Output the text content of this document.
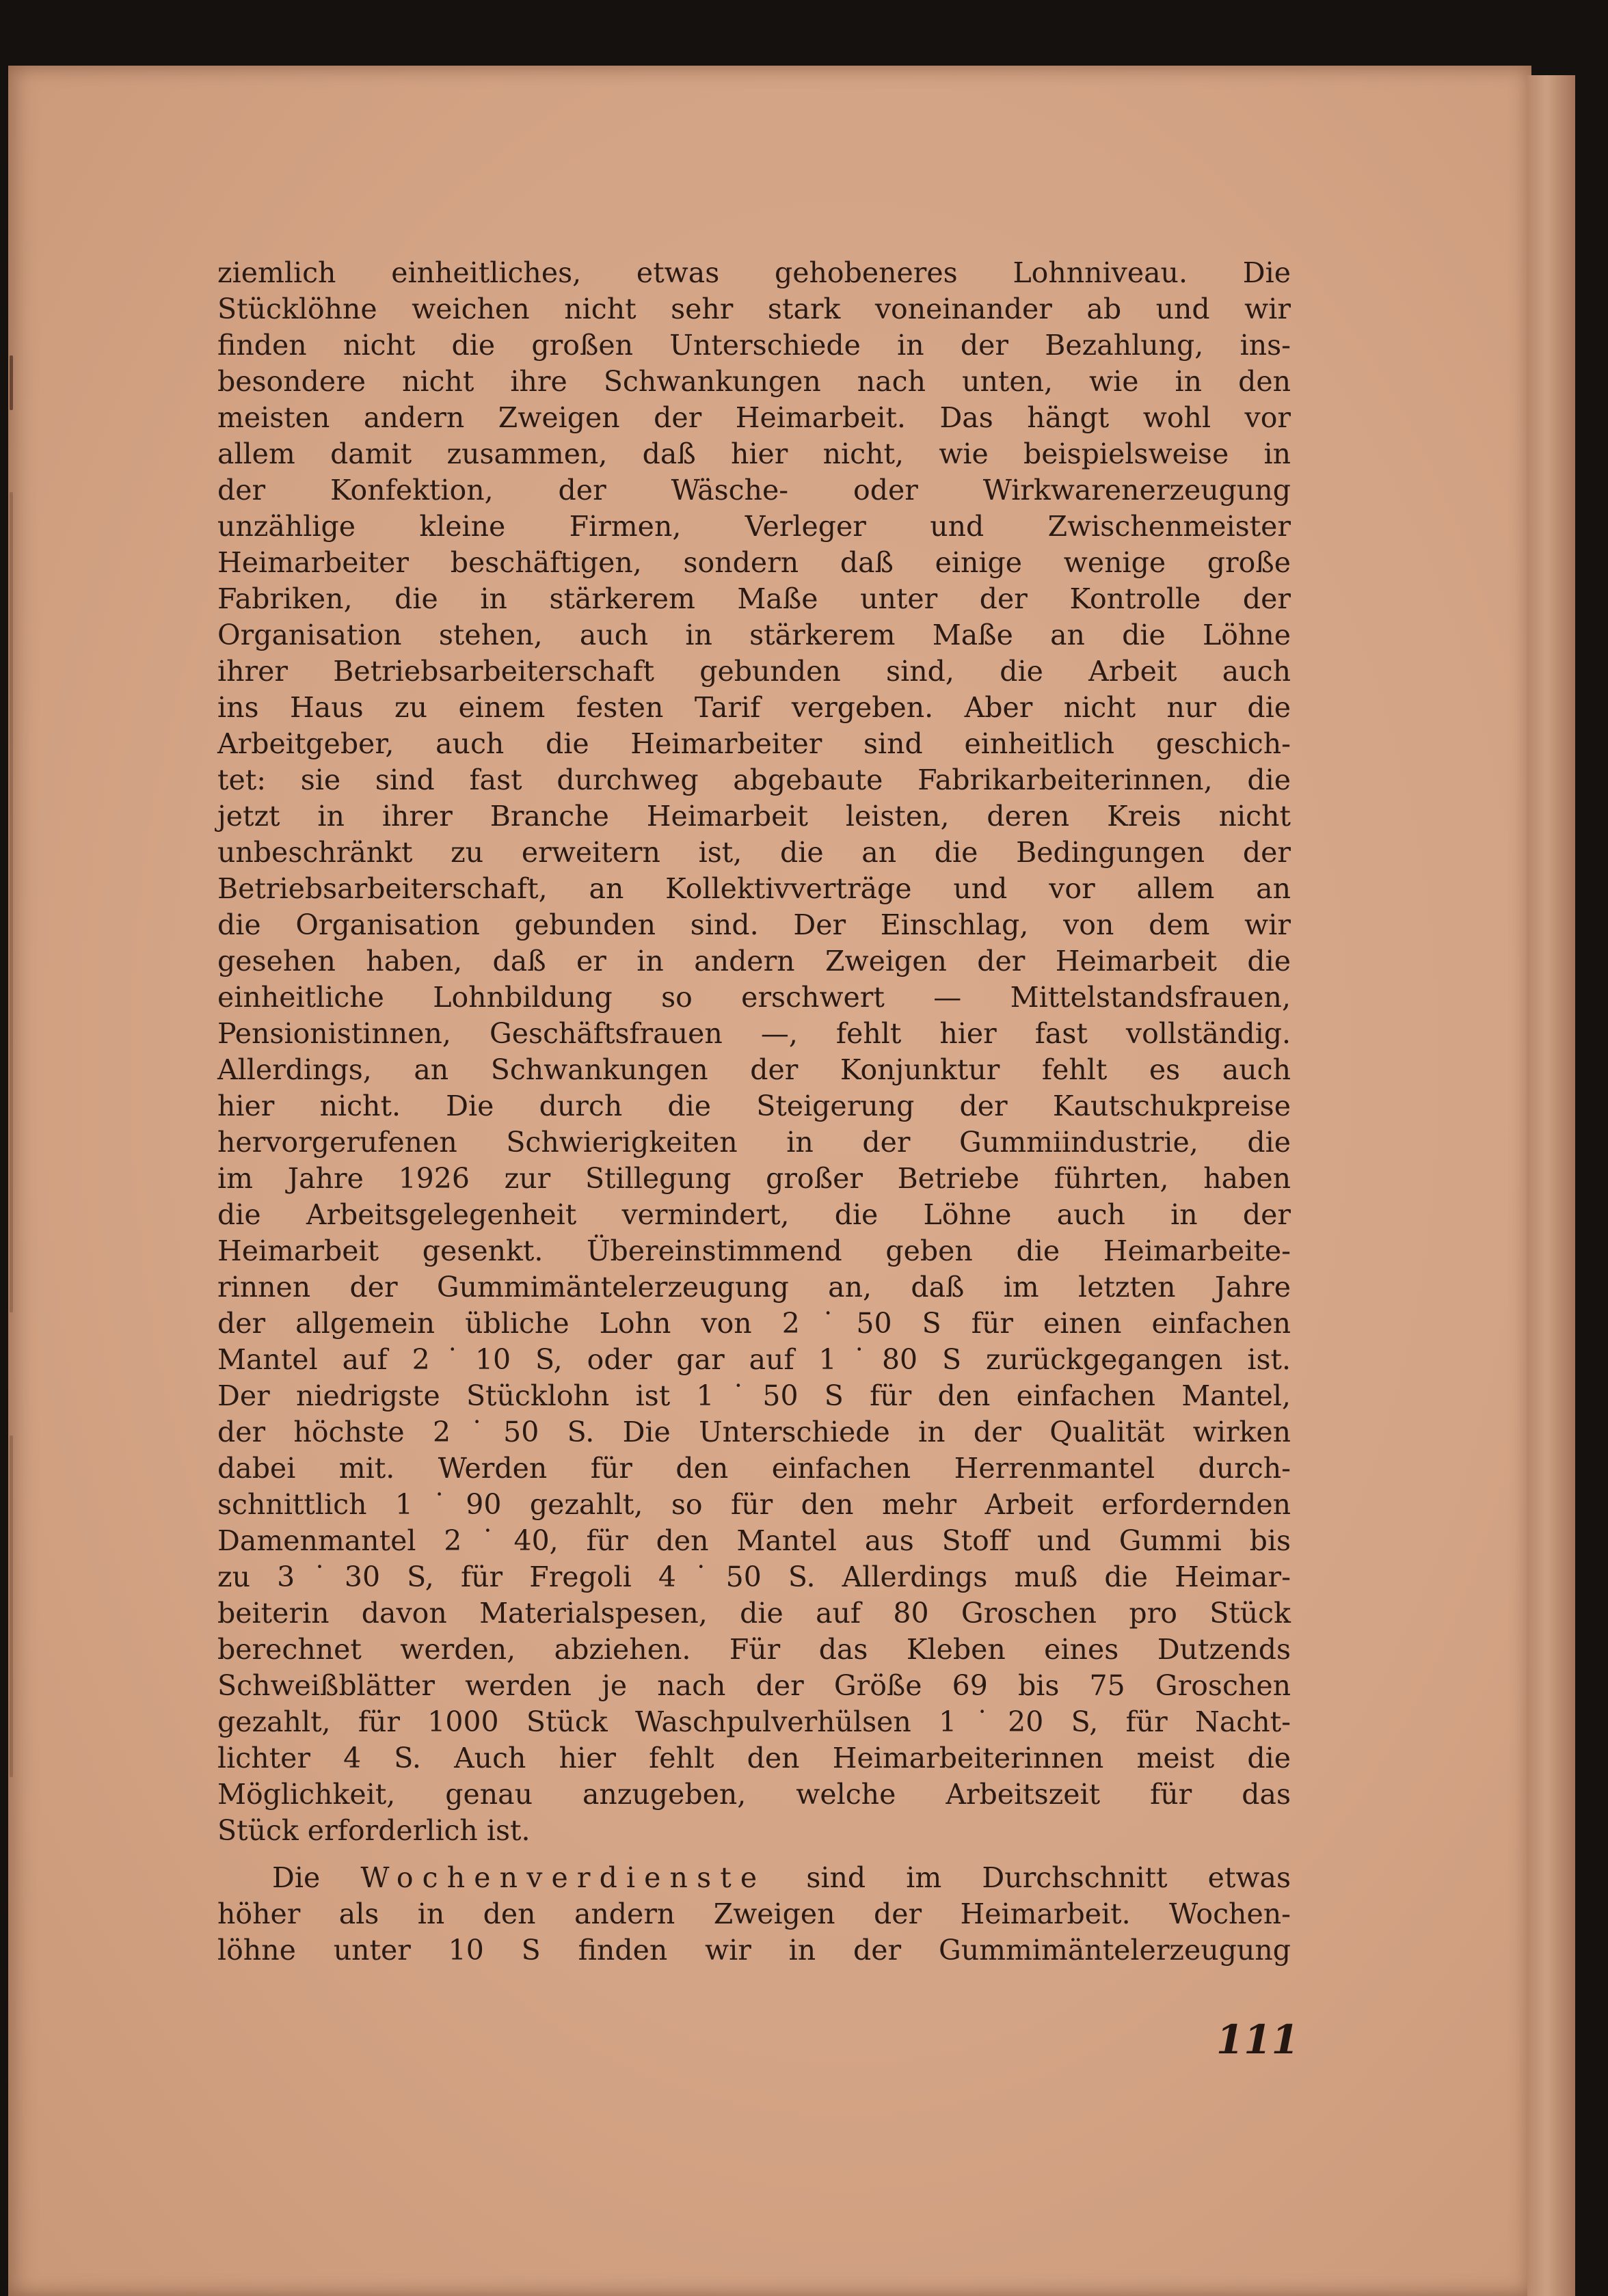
ziemlich einheitliches, etwas gehobeneres Lohnniveau. Die
Stücklöhne weichen nicht sehr stark voneinander ab und wir
finden nicht die großen Unterschiede in der Bezahlung, ins-
besondere nicht ihre Schwankungen nach unten, wie in den
meisten andern Zweigen der Heimarbeit. Das hängt wohl vor
allem damit zusammen, daß hier nicht, wie beispielsweise in
der Konfektion, der Wäsche- oder Wirkwarenerzeugung
unzählige kleine Firmen, Verleger und Zwischenmeister
Heimarbeiter beschäftigen, sondern daß einige wenige große
Fabriken, die in stärkerem Maße unter der Kontrolle der
Organisation stehen, auch in stärkerem Maße an die Löhne
ihrer Betriebsarbeiterschaft gebunden sind, die Arbeit auch
ins Haus zu einem festen Tarif vergeben. Aber nicht nur die
Arbeitgeber, auch die Heimarbeiter sind einheitlich geschich-
tet: sie sind fast durchweg abgebaute Fabrikarbeiterinnen, die
jetzt in ihrer Branche Heimarbeit leisten, deren Kreis nicht
unbeschränkt zu erweitern ist, die an die Bedingungen der
Betriebsarbeiterschaft, an Kollektivverträge und vor allem an
die Organisation gebunden sind. Der Einschlag, von dem wir
gesehen haben, daß er in andern Zweigen der Heimarbeit die
einheitliche Lohnbildung so erschwert — Mittelstandsfrauen,
Pensionistinnen, Geschäftsfrauen —, fehlt hier fast vollständig.
Allerdings, an Schwankungen der Konjunktur fehlt es auch
hier nicht. Die durch die Steigerung der Kautschukpreise
hervorgerufenen Schwierigkeiten in der Gummiindustrie, die
im Jahre 1926 zur Stillegung großer Betriebe führten, haben
die Arbeitsgelegenheit vermindert, die Löhne auch in der
Heimarbeit gesenkt. Übereinstimmend geben die Heimarbeite-
rinnen der Gummimäntelerzeugung an, daß im letzten Jahre
der allgemein übliche Lohn von 2˙50 S für einen einfachen
Mantel auf 2˙10 S, oder gar auf 1˙80 S zurückgegangen ist.
Der niedrigste Stücklohn ist 1˙50 S für den einfachen Mantel,
der höchste 2˙50 S. Die Unterschiede in der Qualität wirken
dabei mit. Werden für den einfachen Herrenmantel durch-
schnittlich 1˙90 gezahlt, so für den mehr Arbeit erfordernden
Damenmantel 2˙40, für den Mantel aus Stoff und Gummi bis
zu 3˙30 S, für Fregoli 4˙50 S. Allerdings muß die Heimar-
beiterin davon Materialspesen, die auf 80 Groschen pro Stück
berechnet werden, abziehen. Für das Kleben eines Dutzends
Schweißblätter werden je nach der Größe 69 bis 75 Groschen
gezahlt, für 1000 Stück Waschpulverhülsen 1˙20 S, für Nacht-
lichter 4 S. Auch hier fehlt den Heimarbeiterinnen meist die
Möglichkeit, genau anzugeben, welche Arbeitszeit für das
Stück erforderlich ist.
Die Wochenverdienste sind im Durchschnitt etwas
höher als in den andern Zweigen der Heimarbeit. Wochen-
löhne unter 10 S finden wir in der Gummimäntelerzeugung
111
